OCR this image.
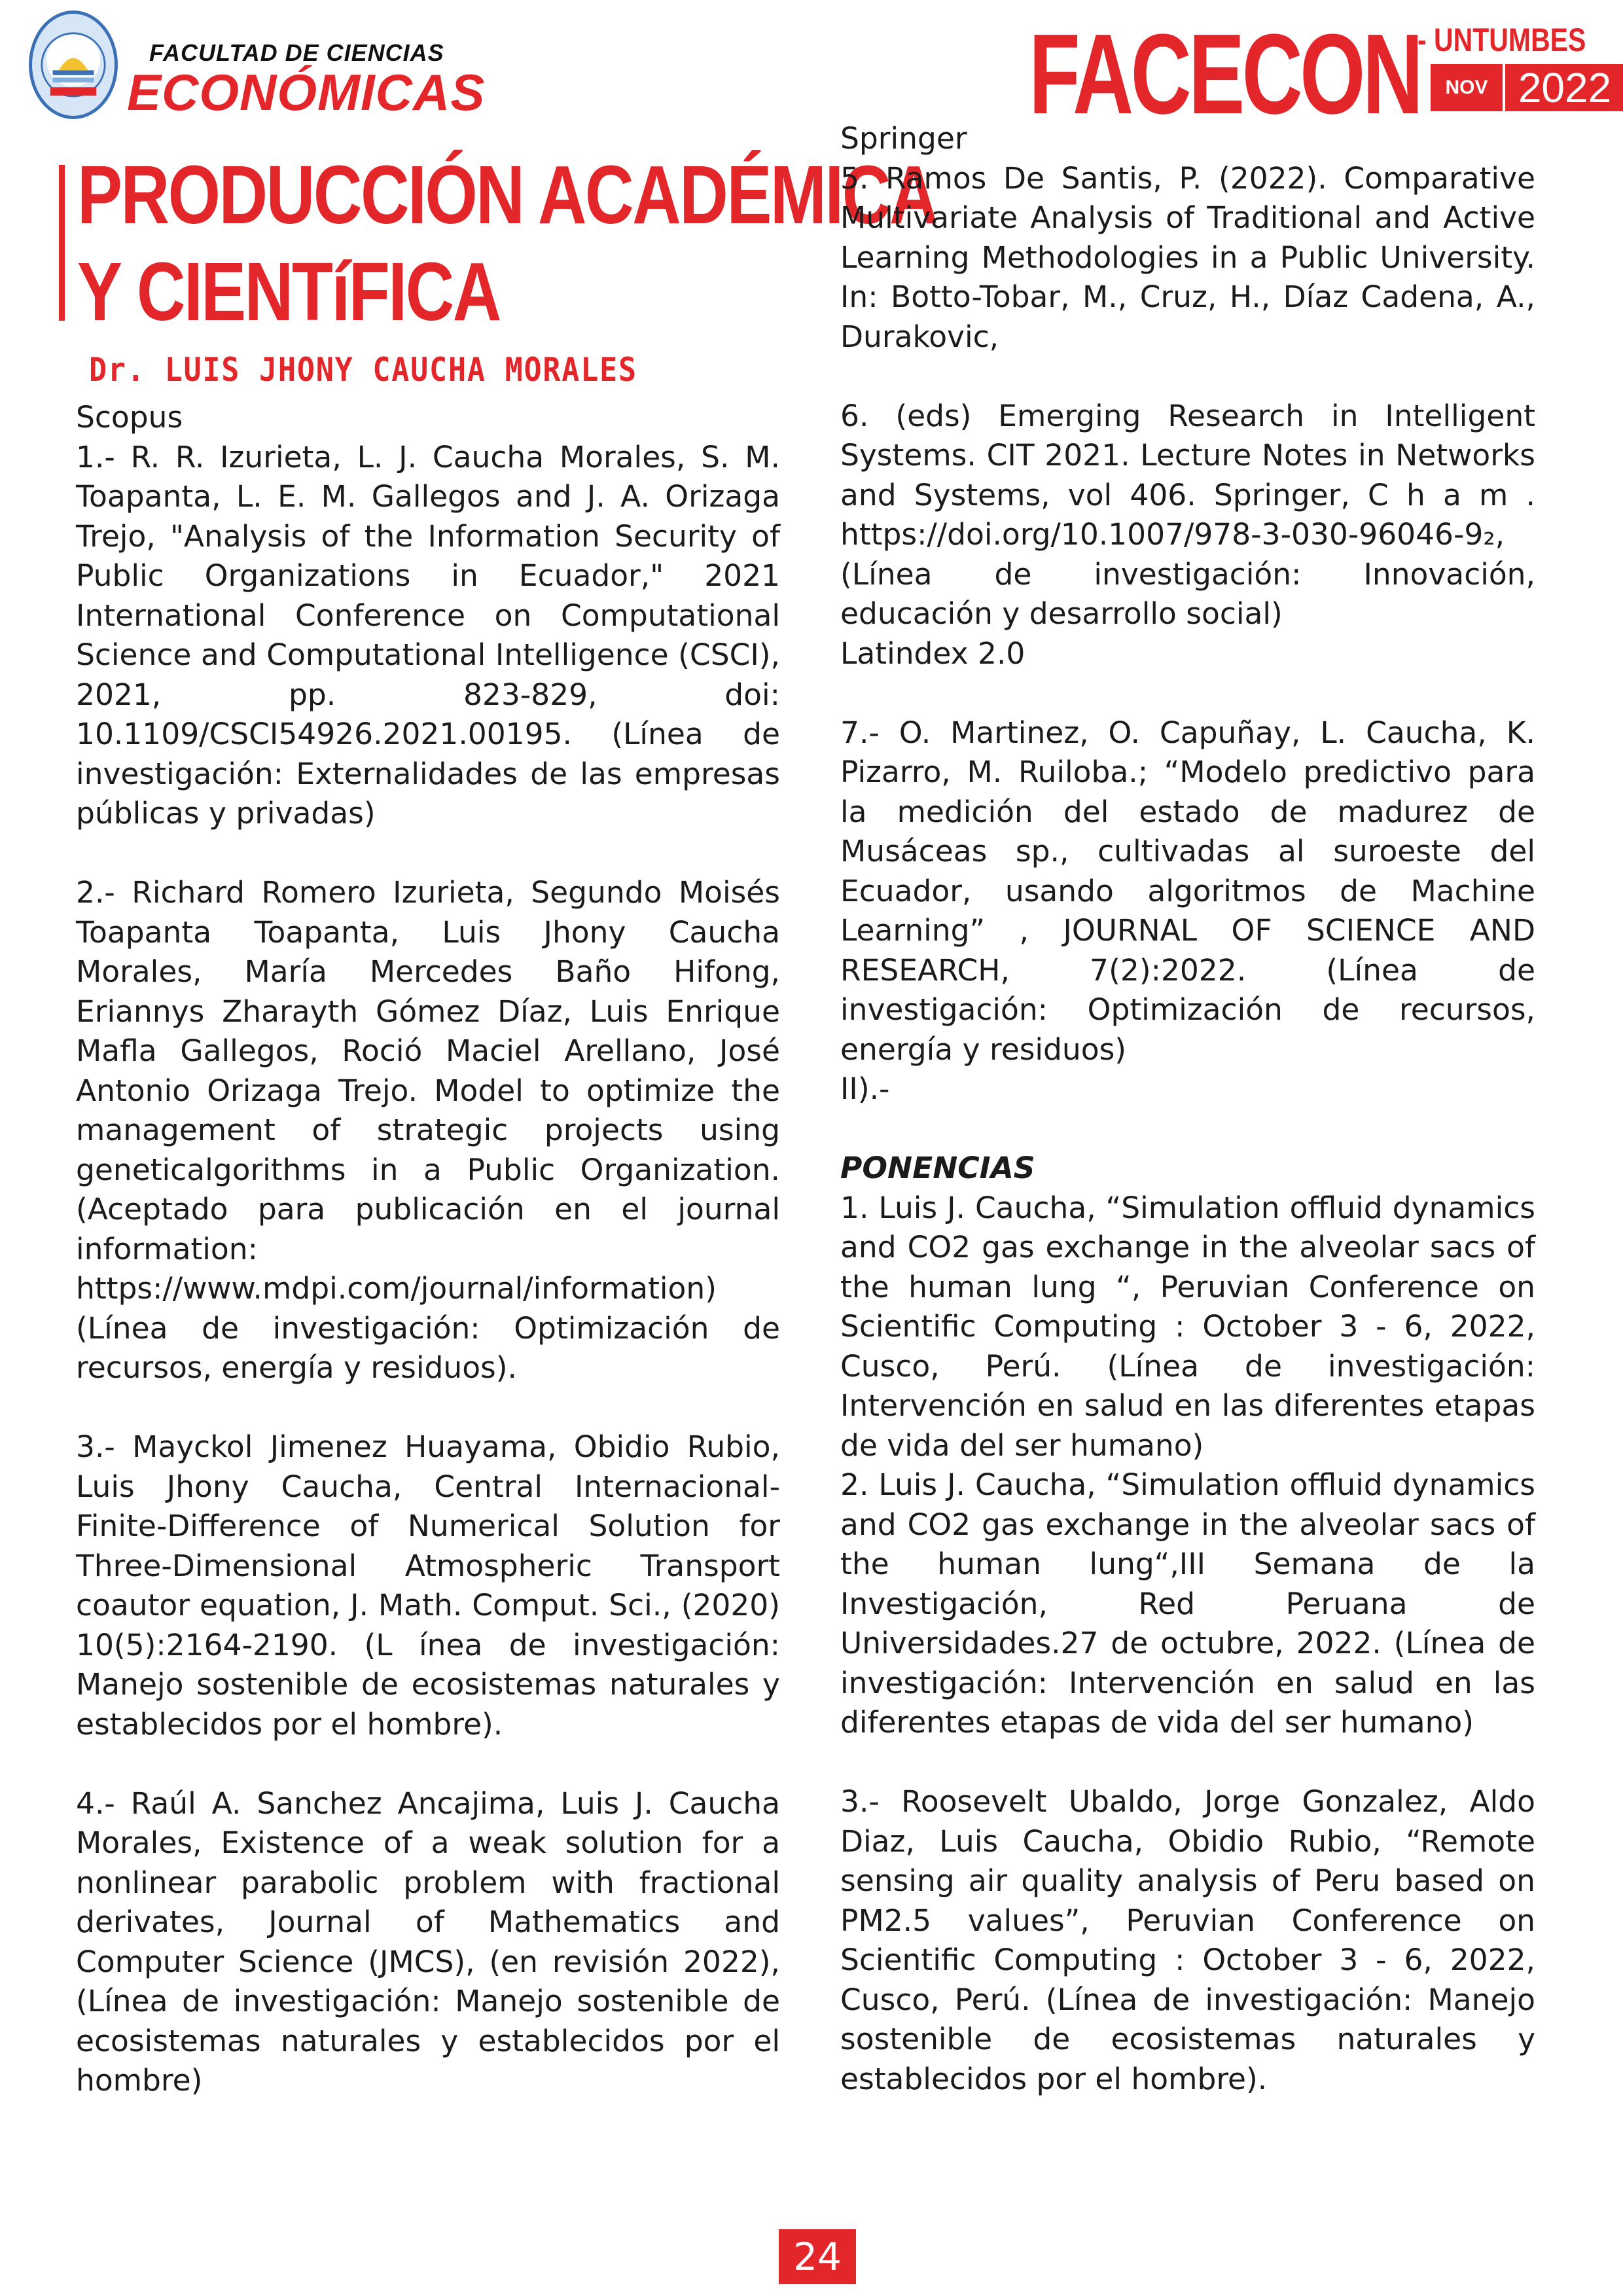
FACULTAD DE CIENCIAS
ECONÓMICAS	FACECON
- UNTUMBES
NOV 2022
PRODUCCIÓN ACADÉMICA
Y CIENTíFICA
Dr. LUIS JHONY CAUCHA MORALES

Scopus

1.- R. R. Izurieta, L. J. Caucha Morales, S. M. Toapanta, L. E. M. Gallegos and J. A. Orizaga Trejo, "Analysis of the Information Security of Public Organizations in Ecuador," 2021 International Conference on Computational Science and Computational Intelligence (CSCI), 2021, pp. 823-829, doi: 10.1109/CSCI54926.2021.00195. (Línea de investigación: Externalidades de las empresas públicas y privadas)

2.- Richard Romero Izurieta, Segundo Moisés Toapanta Toapanta, Luis Jhony Caucha Morales, María Mercedes Baño Hifong, Eriannys Zharayth Gómez Díaz, Luis Enrique Mafla Gallegos, Roció Maciel Arellano, José Antonio Orizaga Trejo. Model to optimize the management of strategic projects using geneticalgorithms in a Public Organization. (Aceptado para publicación en el journal information: https://www.mdpi.com/journal/information) (Línea de investigación: Optimización de recursos, energía y residuos).

3.- Mayckol Jimenez Huayama, Obidio Rubio, Luis Jhony Caucha, Central Internacional- Finite-Difference of Numerical Solution for Three-Dimensional Atmospheric Transport coautor equation, J. Math. Comput. Sci., (2020) 10(5):2164-2190. (L ínea de investigación: Manejo sostenible de ecosistemas naturales y establecidos por el hombre).

4.- Raúl A. Sanchez Ancajima, Luis J. Caucha Morales, Existence of a weak solution for a nonlinear parabolic problem with fractional derivates, Journal of Mathematics and Computer Science (JMCS), (en revisión 2022), (Línea de investigación: Manejo sostenible de ecosistemas naturales y establecidos por el hombre)

Springer

5. Ramos De Santis, P. (2022). Comparative Multivariate Analysis of Traditional and Active Learning Methodologies in a Public University. In: Botto-Tobar, M., Cruz, H., Díaz Cadena, A., Durakovic,

6. (eds) Emerging Research in Intelligent Systems. CIT 2021. Lecture Notes in Networks and Systems, vol 406. Springer, C h a m . https://doi.org/10.1007/978-3-030-96046-9₂, (Línea de investigación: Innovación, educación y desarrollo social)

Latindex 2.0

7.- O. Martinez, O. Capuñay, L. Caucha, K. Pizarro, M. Ruiloba.; “Modelo predictivo para la medición del estado de madurez de Musáceas sp., cultivadas al suroeste del Ecuador, usando algoritmos de Machine Learning” , JOURNAL OF SCIENCE AND RESEARCH, 7(2):2022. (Línea de investigación: Optimización de recursos, energía y residuos)

II).-

PONENCIAS

1. Luis J. Caucha, “Simulation offluid dynamics and CO2 gas exchange in the alveolar sacs of the human lung “, Peruvian Conference on Scientific Computing : October 3 - 6, 2022, Cusco, Perú. (Línea de investigación: Intervención en salud en las diferentes etapas de vida del ser humano)

2. Luis J. Caucha, “Simulation offluid dynamics and CO2 gas exchange in the alveolar sacs of the human lung“,III Semana de la Investigación, Red Peruana de Universidades.27 de octubre, 2022. (Línea de investigación: Intervención en salud en las diferentes etapas de vida del ser humano)

3.- Roosevelt Ubaldo, Jorge Gonzalez, Aldo Diaz, Luis Caucha, Obidio Rubio, “Remote sensing air quality analysis of Peru based on PM2.5 values”, Peruvian Conference on Scientific Computing : October 3 - 6, 2022, Cusco, Perú. (Línea de investigación: Manejo sostenible de ecosistemas naturales y establecidos por el hombre).

24
